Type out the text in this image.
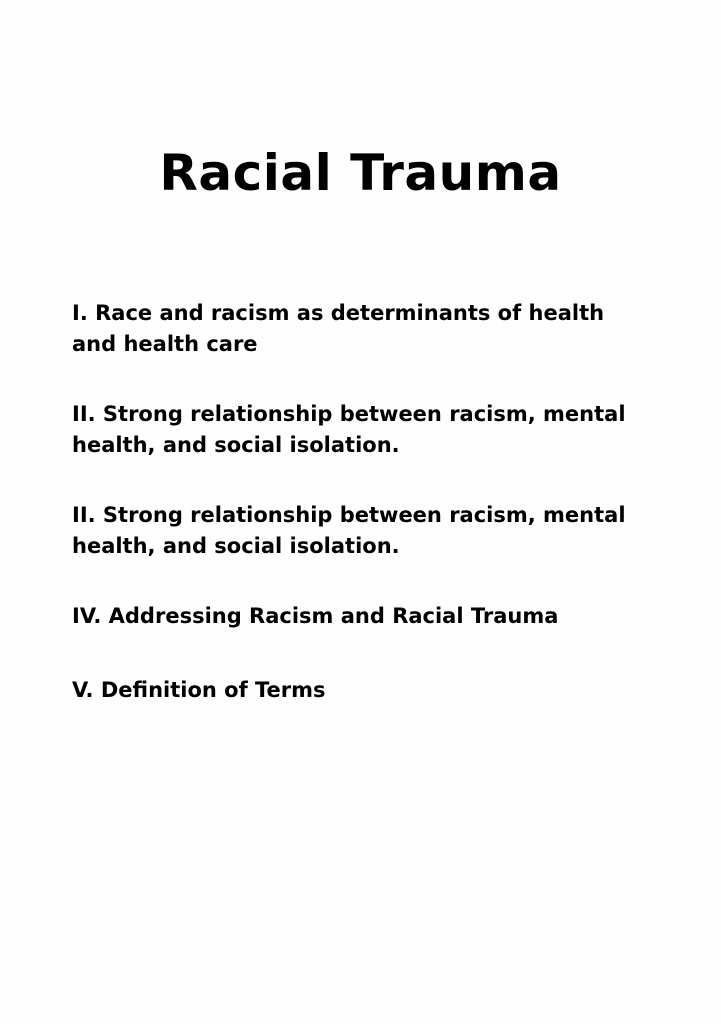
Racial Trauma
I. Race and racism as determinants of health and health care
II. Strong relationship between racism, mental health, and social isolation.
II. Strong relationship between racism, mental health, and social isolation.
IV. Addressing Racism and Racial Trauma
V. Definition of Terms
